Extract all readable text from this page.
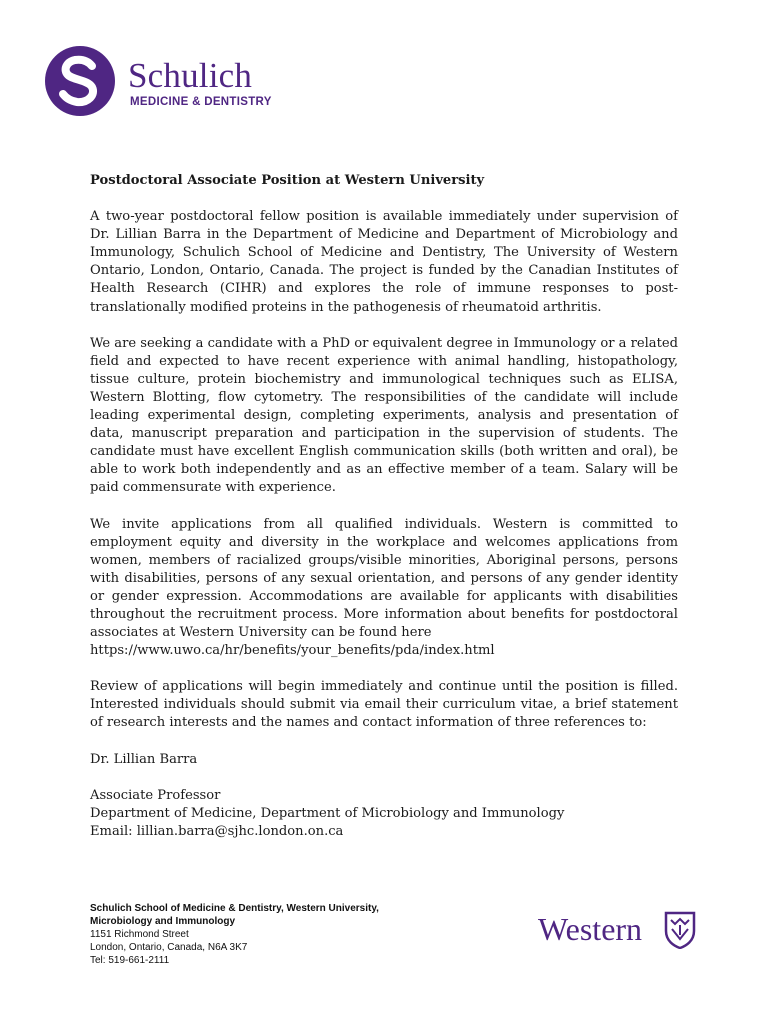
Schulich
MEDICINE & DENTISTRY

Postdoctoral Associate Position at Western University

A two-year postdoctoral fellow position is available immediately under supervision of Dr. Lillian Barra in the Department of Medicine and Department of Microbiology and Immunology, Schulich School of Medicine and Dentistry, The University of Western Ontario, London, Ontario, Canada. The project is funded by the Canadian Institutes of Health Research (CIHR) and explores the role of immune responses to post-translationally modified proteins in the pathogenesis of rheumatoid arthritis.

We are seeking a candidate with a PhD or equivalent degree in Immunology or a related field and expected to have recent experience with animal handling, histopathology, tissue culture, protein biochemistry and immunological techniques such as ELISA, Western Blotting, flow cytometry. The responsibilities of the candidate will include leading experimental design, completing experiments, analysis and presentation of data, manuscript preparation and participation in the supervision of students. The candidate must have excellent English communication skills (both written and oral), be able to work both independently and as an effective member of a team. Salary will be paid commensurate with experience.

We invite applications from all qualified individuals. Western is committed to employment equity and diversity in the workplace and welcomes applications from women, members of racialized groups/visible minorities, Aboriginal persons, persons with disabilities, persons of any sexual orientation, and persons of any gender identity or gender expression. Accommodations are available for applicants with disabilities throughout the recruitment process. More information about benefits for postdoctoral associates at Western University can be found here
https://www.uwo.ca/hr/benefits/your_benefits/pda/index.html

Review of applications will begin immediately and continue until the position is filled. Interested individuals should submit via email their curriculum vitae, a brief statement of research interests and the names and contact information of three references to:

Dr. Lillian Barra

Associate Professor
Department of Medicine, Department of Microbiology and Immunology
Email: lillian.barra@sjhc.london.on.ca

Schulich School of Medicine & Dentistry, Western University,
Microbiology and Immunology
1151 Richmond Street
London, Ontario, Canada, N6A 3K7
Tel: 519-661-2111
Western
